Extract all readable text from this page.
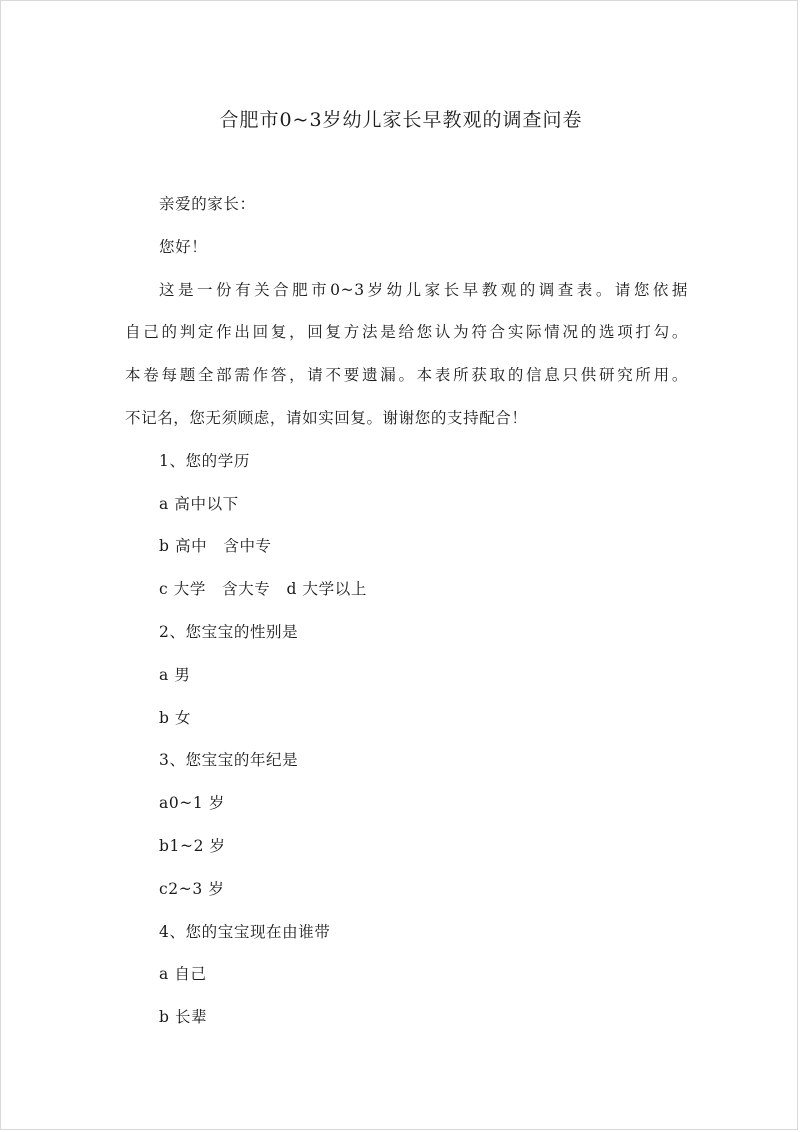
合肥市0~3岁幼儿家长早教观的调查问卷
亲爱的家长：
您好！
这是一份有关合肥市0~3岁幼儿家长早教观的调查表。请您依据
自己的判定作出回复，回复方法是给您认为符合实际情况的选项打勾。
本卷每题全部需作答，请不要遗漏。本表所获取的信息只供研究所用。
不记名，您无须顾虑，请如实回复。谢谢您的支持配合！
1、您的学历
a 高中以下
b 高中　含中专
c 大学　含大专　d 大学以上
2、您宝宝的性别是
a 男
b 女
3、您宝宝的年纪是
a0~1 岁
b1~2 岁
c2~3 岁
4、您的宝宝现在由谁带
a 自己
b 长辈
